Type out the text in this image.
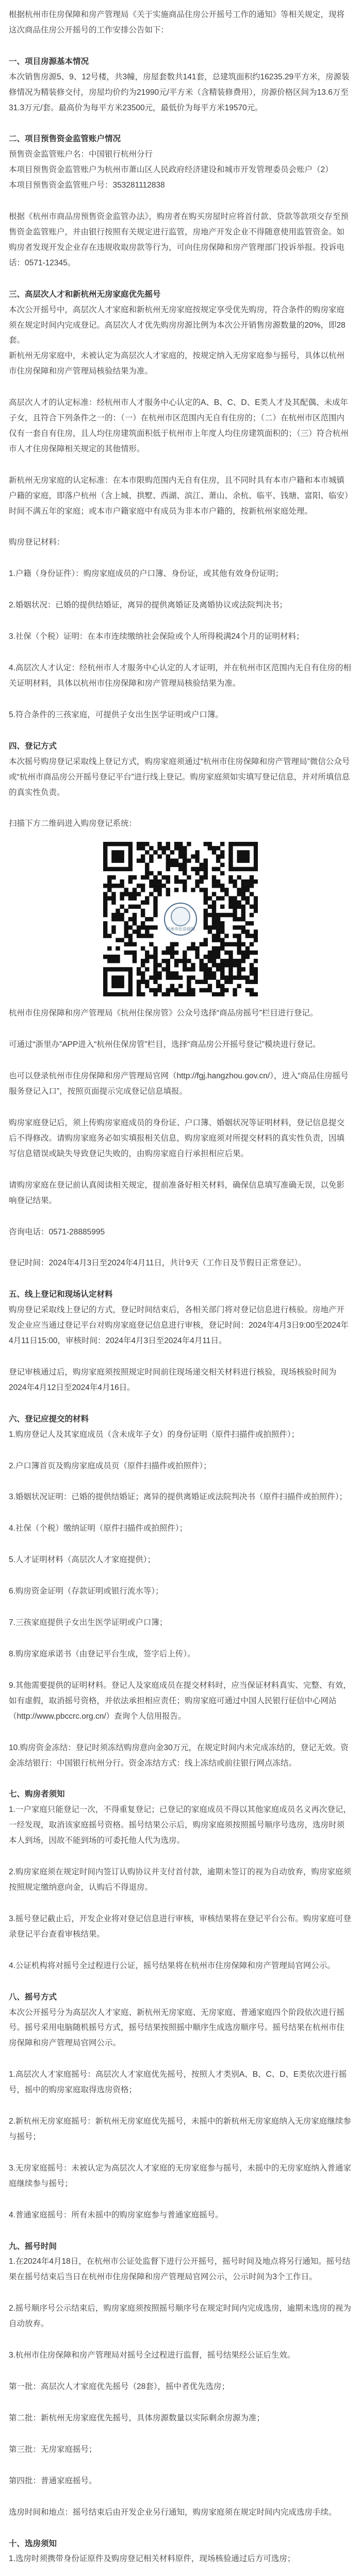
根据杭州市住房保障和房产管理局《关于实施商品住房公开摇号工作的通知》等相关规定，现将这次商品住房公开摇号的工作安排公告如下：

一、项目房源基本情况

本次销售房源5、9、12号楼，共3幢，房屋套数共141套，总建筑面积约16235.29平方米，房源装修情况为精装修交付，房屋均价约为21990元/平方米（含精装修费用），房源价格区间为13.6万至31.3万元/套。最高价为每平方米23500元，最低价为每平方米19570元。

二、项目预售资金监管账户情况

预售资金监管账户名：中国银行杭州分行

本项目预售资金监管账户为杭州市萧山区人民政府经济建设和城市开发管理委员会账户（2）

本项目预售资金监管账户号：353281112838

根据《杭州市商品房预售资金监管办法》，购房者在购买房屋时应将首付款、贷款等款项交存至预售资金监管账户，并由银行按照有关规定进行监管，房地产开发企业不得随意使用监管资金。如购房者发现开发企业存在违规收取房款等行为，可向住房保障和房产管理部门投诉举报。投诉电话：0571-12345。

三、高层次人才和新杭州无房家庭优先摇号

本次公开摇号中，高层次人才家庭和新杭州无房家庭按规定享受优先购房，符合条件的购房家庭须在规定时间内完成登记。高层次人才优先购房房源比例为本次公开销售房源数量的20%，即28套。

新杭州无房家庭中，未被认定为高层次人才家庭的，按规定纳入无房家庭参与摇号，具体以杭州市住房保障和房产管理局核验结果为准。

高层次人才的认定标准：经杭州市人才服务中心认定的A、B、C、D、E类人才及其配偶、未成年子女，且符合下列条件之一的：（一）在杭州市区范围内无自有住房的；（二）在杭州市区范围内仅有一套自有住房，且人均住房建筑面积低于杭州市上年度人均住房建筑面积的；（三）符合杭州市人才住房保障相关规定的其他情形。

新杭州无房家庭的认定标准：在本市限购范围内无自有住房，且不同时具有本市户籍和本市城镇户籍的家庭，即落户杭州（含上城、拱墅、西湖、滨江、萧山、余杭、临平、钱塘、富阳、临安）时间不满五年的家庭；或本市户籍家庭中有成员为非本市户籍的，按新杭州家庭处理。

购房登记材料：

1.户籍（身份证件）：购房家庭成员的户口簿、身份证，或其他有效身份证明；

2.婚姻状况：已婚的提供结婚证，离异的提供离婚证及离婚协议或法院判决书；

3.社保（个税）证明：在本市连续缴纳社会保险或个人所得税满24个月的证明材料；

4.高层次人才认定：经杭州市人才服务中心认定的人才证明，并在杭州市区范围内无自有住房的相关证明材料，具体以杭州市住房保障和房产管理局核验结果为准。

5.符合条件的三孩家庭，可提供子女出生医学证明或户口簿。

四、登记方式

本次摇号购房登记采取线上登记方式，购房家庭须通过“杭州市住房保障和房产管理局”微信公众号或“杭州市商品房公开摇号登记平台”进行线上登记。购房家庭须如实填写登记信息，并对所填信息的真实性负责。

扫描下方二维码进入购房登记系统：

杭州市住房保障

杭州市住房保障和房产管理局《杭州住保房管》公众号选择“商品房摇号”栏目进行登记。

可通过“浙里办”APP进入“杭州住保房管”栏目，选择“商品房公开摇号登记”模块进行登记。

也可以登录杭州市住房保障和房产管理局官网（http://fgj.hangzhou.gov.cn/），进入“商品住房摇号服务登记入口”，按照页面提示完成登记信息填报。

购房家庭登记后，须上传购房家庭成员的身份证、户口簿、婚姻状况等证明材料，登记信息提交后不得修改。请购房家庭务必如实填报相关信息，购房家庭须对所提交材料的真实性负责，因填写信息错误或缺失导致登记失败的，由购房家庭自行承担相应后果。

请购房家庭在登记前认真阅读相关规定，提前准备好相关材料，确保信息填写准确无误，以免影响登记结果。

咨询电话：0571-28885995

登记时间：2024年4月3日至2024年4月11日，共计9天（工作日及节假日正常登记）。

五、线上登记和现场认定材料

购房登记采取线上登记的方式，登记时间结束后，各相关部门将对登记信息进行核验。房地产开发企业应当通过登记平台对购房家庭登记信息进行审核，登记时间：2024年4月3日9:00至2024年4月11日15:00，审核时间：2024年4月3日至2024年4月11日。

登记审核通过后，购房家庭须按照规定时间前往现场递交相关材料进行核验，现场核验时间为2024年4月12日至2024年4月16日。

六、登记应提交的材料

1.购房登记人及其家庭成员（含未成年子女）的身份证明（原件扫描件或拍照件）；

2.户口簿首页及购房家庭成员页（原件扫描件或拍照件）；

3.婚姻状况证明：已婚的提供结婚证；离异的提供离婚证或法院判决书（原件扫描件或拍照件）；

4.社保（个税）缴纳证明（原件扫描件或拍照件）；

5.人才证明材料（高层次人才家庭提供）；

6.购房资金证明（存款证明或银行流水等）；

7.三孩家庭提供子女出生医学证明或户口簿；

8.购房家庭承诺书（由登记平台生成，签字后上传）。

9.其他需要提供的证明材料。登记人及家庭成员在提交材料时，应当保证材料真实、完整、有效，如有虚假，取消摇号资格，并依法承担相应责任；购房家庭可通过中国人民银行征信中心网站（http://www.pbccrc.org.cn/）查询个人信用报告。

10.购房资金冻结：登记时须冻结购房意向金30万元，在规定时间内未完成冻结的，登记无效。资金冻结银行：中国银行杭州分行。资金冻结方式：线上冻结或前往银行网点冻结。

七、购房者须知

1.一户家庭只能登记一次，不得重复登记；已登记的家庭成员不得以其他家庭成员名义再次登记，一经发现，取消该家庭摇号资格。摇号结果公示后，购房家庭须按照摇号顺序号选房，选房时须本人到场，因故不能到场的可委托他人代为选房。

2.购房家庭须在规定时间内签订认购协议并支付首付款，逾期未签订的视为自动放弃，购房家庭须按照规定缴纳意向金，认购后不得退房。

3.摇号登记截止后，开发企业将对登记信息进行审核，审核结果将在登记平台公布。购房家庭可登录登记平台查看审核结果。

4.公证机构将对摇号全过程进行公证，摇号结果将在杭州市住房保障和房产管理局官网公示。

八、摇号方式

本次公开摇号分为高层次人才家庭、新杭州无房家庭、无房家庭、普通家庭四个阶段依次进行摇号。摇号采用电脑随机摇号方式，摇号结果按照摇中顺序生成选房顺序号。摇号结果在杭州市住房保障和房产管理局官网公示。

1.高层次人才家庭摇号：高层次人才家庭优先摇号，按照人才类别A、B、C、D、E类依次进行摇号，摇中的购房家庭取得选房资格；

2.新杭州无房家庭摇号：新杭州无房家庭优先摇号，未摇中的新杭州无房家庭纳入无房家庭继续参与摇号；

3.无房家庭摇号：未被认定为高层次人才家庭的无房家庭参与摇号，未摇中的无房家庭纳入普通家庭继续参与摇号；

4.普通家庭摇号：所有未摇中的购房家庭参与普通家庭摇号。

九、摇号时间

1.在2024年4月18日，在杭州市公证处监督下进行公开摇号，摇号时间及地点将另行通知。摇号结果在摇号结束后当日在杭州市住房保障和房产管理局官网公示，公示时间为3个工作日。

2.摇号顺序号公示结束后，购房家庭须按照摇号顺序号在规定时间内完成选房，逾期未选房的视为自动放弃。

3.杭州市住房保障和房产管理局对摇号全过程进行监督，摇号结果经公证后生效。

第一批：高层次人才家庭优先摇号（28套），摇中者优先选房；

第二批：新杭州无房家庭优先摇号，具体房源数量以实际剩余房源为准；

第三批：无房家庭摇号；

第四批：普通家庭摇号。

选房时间和地点：摇号结束后由开发企业另行通知，购房家庭须在规定时间内完成选房手续。

十、选房须知

1.选房时须携带身份证原件及购房登记相关材料原件，现场核验通过后方可选房；
